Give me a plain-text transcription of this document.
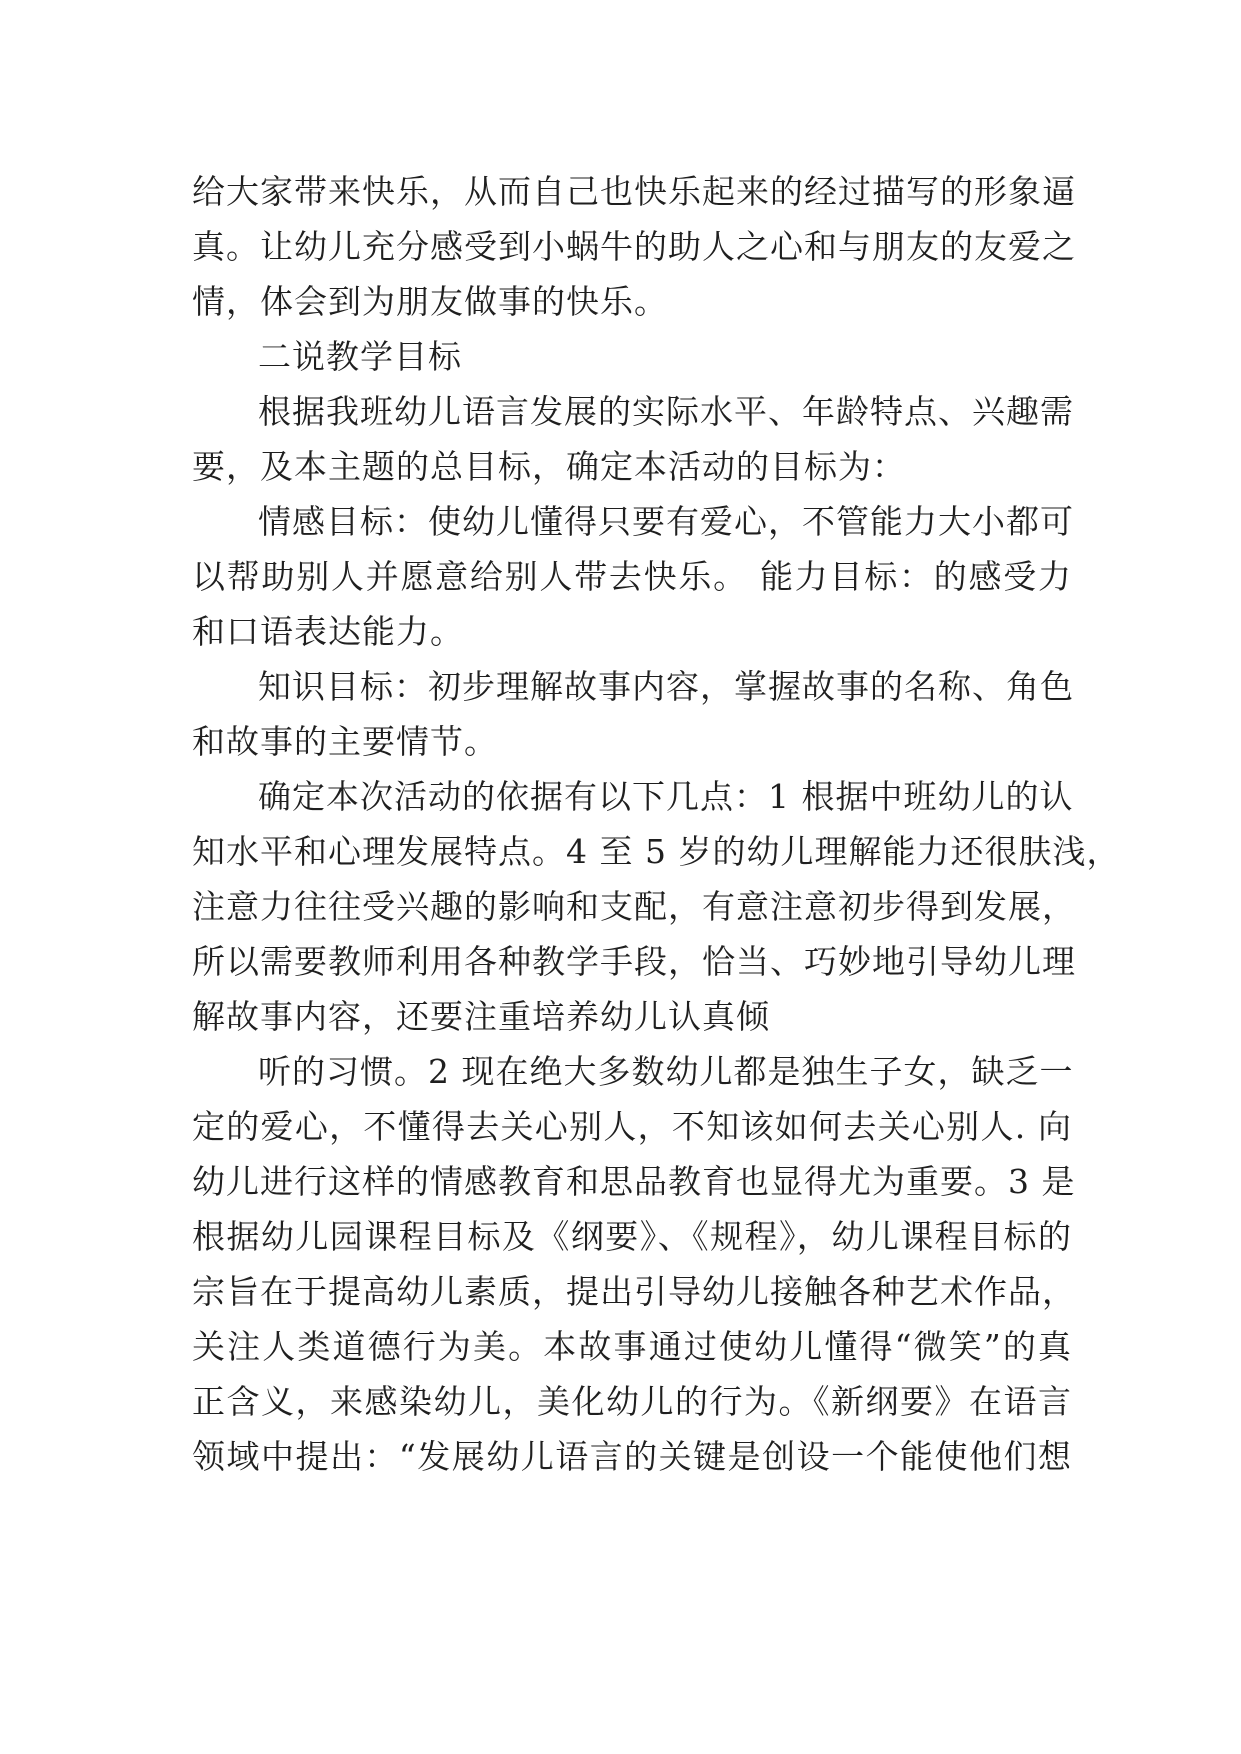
给大家带来快乐，从而自己也快乐起来的经过描写的形象逼
真。让幼儿充分感受到小蜗牛的助人之心和与朋友的友爱之
情，体会到为朋友做事的快乐。
二说教学目标
根据我班幼儿语言发展的实际水平、年龄特点、兴趣需
要，及本主题的总目标，确定本活动的目标为：
情感目标：使幼儿懂得只要有爱心，不管能力大小都可
以帮助别人并愿意给别人带去快乐。 能力目标：的感受力
和口语表达能力。
知识目标：初步理解故事内容，掌握故事的名称、角色
和故事的主要情节。
确定本次活动的依据有以下几点：1 根据中班幼儿的认
知水平和心理发展特点。4 至 5 岁的幼儿理解能力还很肤浅，
注意力往往受兴趣的影响和支配，有意注意初步得到发展，
所以需要教师利用各种教学手段，恰当、巧妙地引导幼儿理
解故事内容，还要注重培养幼儿认真倾
听的习惯。2 现在绝大多数幼儿都是独生子女，缺乏一
定的爱心，不懂得去关心别人，不知该如何去关心别人. 向
幼儿进行这样的情感教育和思品教育也显得尤为重要。3 是
根据幼儿园课程目标及《纲要》、《规程》，幼儿课程目标的
宗旨在于提高幼儿素质，提出引导幼儿接触各种艺术作品，
关注人类道德行为美。本故事通过使幼儿懂得“微笑”的真
正含义，来感染幼儿，美化幼儿的行为。《新纲要》在语言
领域中提出：“发展幼儿语言的关键是创设一个能使他们想
